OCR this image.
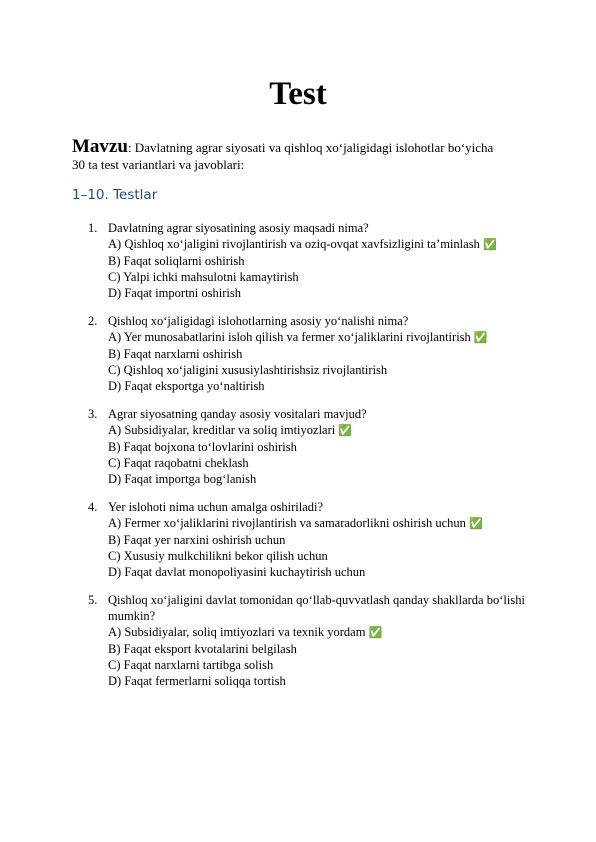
Test

Mavzu: Davlatning agrar siyosati va qishloq xo‘jaligidagi islohotlar bo‘yicha 30 ta test variantlari va javoblari:

1–10. Testlar
1. Davlatning agrar siyosatining asosiy maqsadi nima?
A) Qishloq xo‘jaligini rivojlantirish va oziq-ovqat xavfsizligini ta’minlash ✅
B) Faqat soliqlarni oshirish
C) Yalpi ichki mahsulotni kamaytirish
D) Faqat importni oshirish
2. Qishloq xo‘jaligidagi islohotlarning asosiy yo‘nalishi nima?
A) Yer munosabatlarini isloh qilish va fermer xo‘jaliklarini rivojlantirish ✅
B) Faqat narxlarni oshirish
C) Qishloq xo‘jaligini xususiylashtirishsiz rivojlantirish
D) Faqat eksportga yo‘naltirish
3. Agrar siyosatning qanday asosiy vositalari mavjud?
A) Subsidiyalar, kreditlar va soliq imtiyozlari ✅
B) Faqat bojxona to‘lovlarini oshirish
C) Faqat raqobatni cheklash
D) Faqat importga bog‘lanish
4. Yer islohoti nima uchun amalga oshiriladi?
A) Fermer xo‘jaliklarini rivojlantirish va samaradorlikni oshirish uchun ✅
B) Faqat yer narxini oshirish uchun
C) Xususiy mulkchilikni bekor qilish uchun
D) Faqat davlat monopoliyasini kuchaytirish uchun
5. Qishloq xo‘jaligini davlat tomonidan qo‘llab-quvvatlash qanday shakllarda bo‘lishi mumkin?
A) Subsidiyalar, soliq imtiyozlari va texnik yordam ✅
B) Faqat eksport kvotalarini belgilash
C) Faqat narxlarni tartibga solish
D) Faqat fermerlarni soliqqa tortish
